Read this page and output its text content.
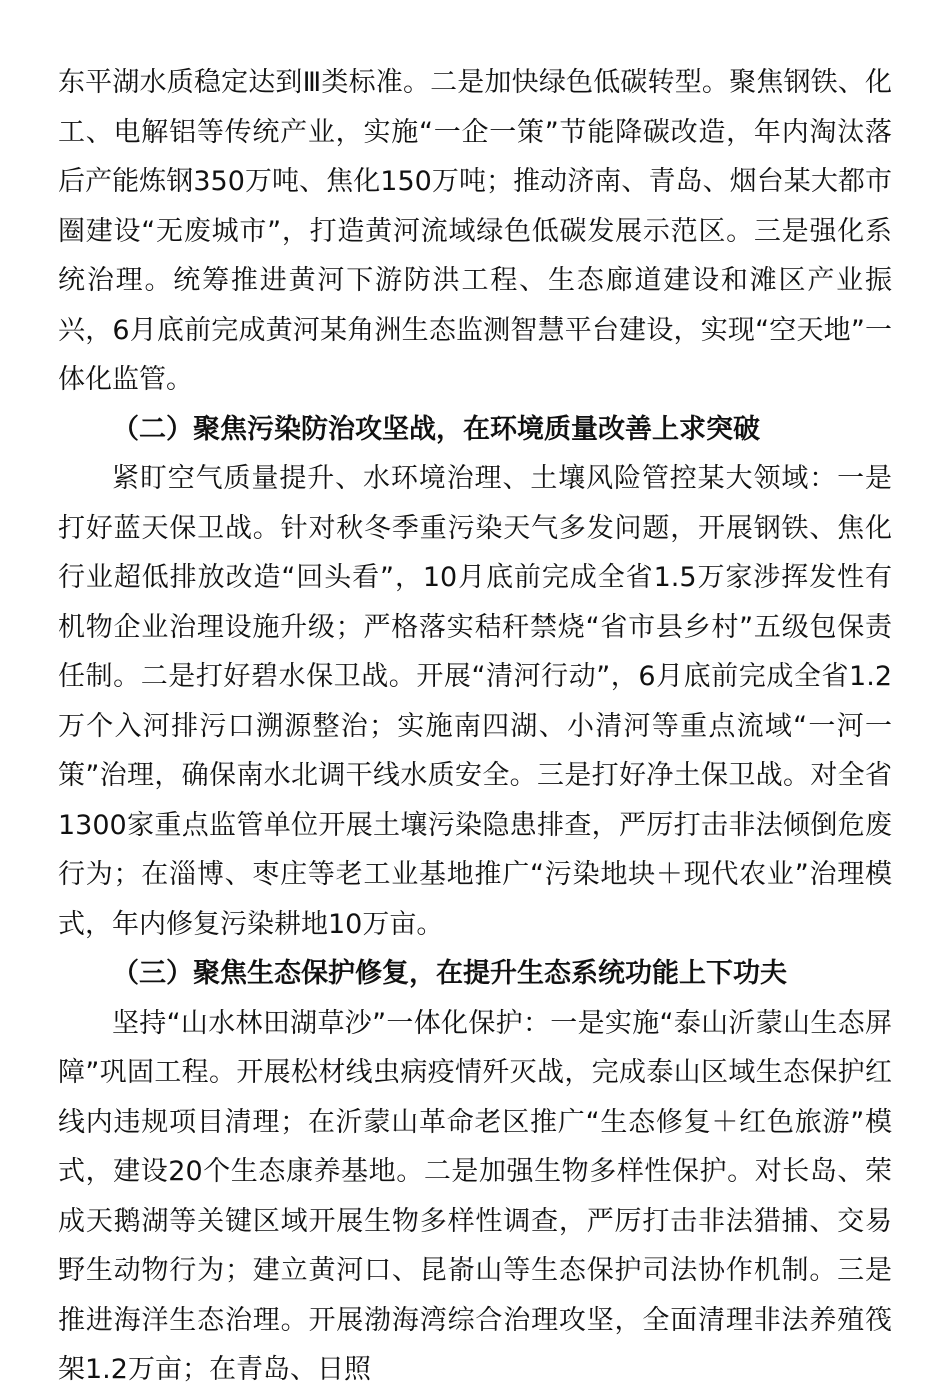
东平湖水质稳定达到Ⅲ类标准。二是加快绿色低碳转型。聚焦钢铁、化工、电解铝等传统产业，实施“一企一策”节能降碳改造，年内淘汰落后产能炼钢350万吨、焦化150万吨；推动济南、青岛、烟台某大都市圈建设“无废城市”，打造黄河流域绿色低碳发展示范区。三是强化系统治理。统筹推进黄河下游防洪工程、生态廊道建设和滩区产业振兴，6月底前完成黄河某角洲生态监测智慧平台建设，实现“空天地”一体化监管。

（二）聚焦污染防治攻坚战，在环境质量改善上求突破

紧盯空气质量提升、水环境治理、土壤风险管控某大领域：一是打好蓝天保卫战。针对秋冬季重污染天气多发问题，开展钢铁、焦化行业超低排放改造“回头看”，10月底前完成全省1.5万家涉挥发性有机物企业治理设施升级；严格落实秸秆禁烧“省市县乡村”五级包保责任制。二是打好碧水保卫战。开展“清河行动”，6月底前完成全省1.2万个入河排污口溯源整治；实施南四湖、小清河等重点流域“一河一策”治理，确保南水北调干线水质安全。三是打好净土保卫战。对全省1300家重点监管单位开展土壤污染隐患排查，严厉打击非法倾倒危废行为；在淄博、枣庄等老工业基地推广“污染地块＋现代农业”治理模式，年内修复污染耕地10万亩。

（三）聚焦生态保护修复，在提升生态系统功能上下功夫

坚持“山水林田湖草沙”一体化保护：一是实施“泰山沂蒙山生态屏障”巩固工程。开展松材线虫病疫情歼灭战，完成泰山区域生态保护红线内违规项目清理；在沂蒙山革命老区推广“生态修复＋红色旅游”模式，建设20个生态康养基地。二是加强生物多样性保护。对长岛、荣成天鹅湖等关键区域开展生物多样性调查，严厉打击非法猎捕、交易野生动物行为；建立黄河口、昆嵛山等生态保护司法协作机制。三是推进海洋生态治理。开展渤海湾综合治理攻坚，全面清理非法养殖筏架1.2万亩；在青岛、日照
